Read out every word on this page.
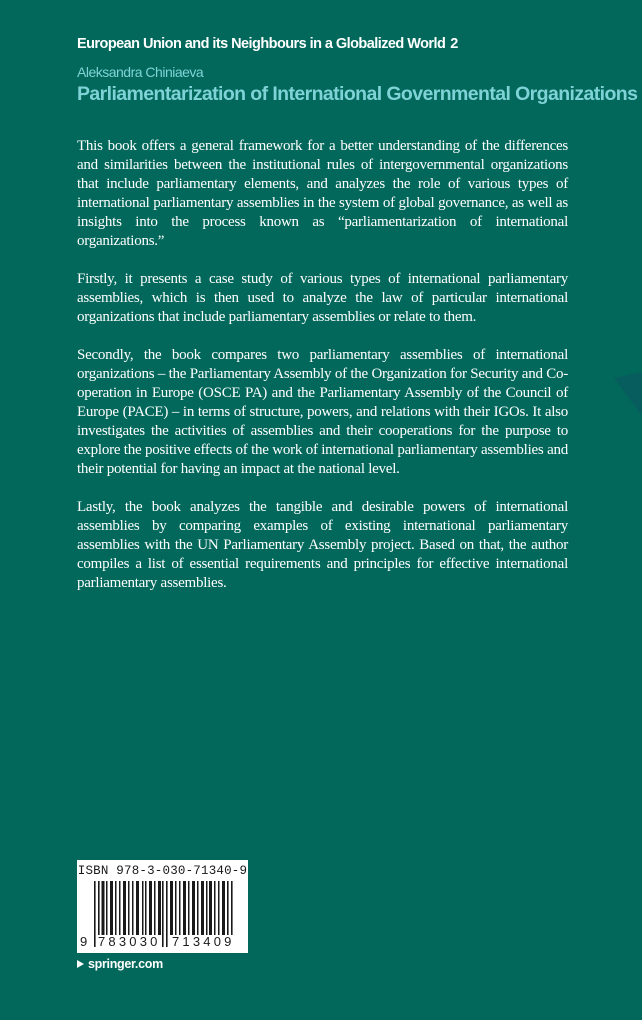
European Union and its Neighbours in a Globalized World 2
Aleksandra Chiniaeva
Parliamentarization of International Governmental Organizations

This book offers a general framework for a better understanding of the differences and similarities between the institutional rules of intergovernmental organizations that include parliamentary elements, and analyzes the role of various types of international parliamentary assemblies in the system of global governance, as well as insights into the process known as “parliamentarization of international organizations.”

Firstly, it presents a case study of various types of international parliamentary assemblies, which is then used to analyze the law of particular international organizations that include parliamentary assemblies or relate to them.

Secondly, the book compares two parliamentary assemblies of international organizations – the Parliamentary Assembly of the Organization for Security and Co-operation in Europe (OSCE PA) and the Parliamentary Assembly of the Council of Europe (PACE) – in terms of structure, powers, and relations with their IGOs. It also investigates the activities of assemblies and their cooperations for the purpose to explore the positive effects of the work of international parliamentary assemblies and their potential for having an impact at the national level.

Lastly, the book analyzes the tangible and desirable powers of international assemblies by comparing examples of existing international parliamentary assemblies with the UN Parliamentary Assembly project. Based on that, the author compiles a list of essential requirements and principles for effective international parliamentary assemblies.

ISBN 978-3-030-71340-9
9 783030 713409
springer.com
